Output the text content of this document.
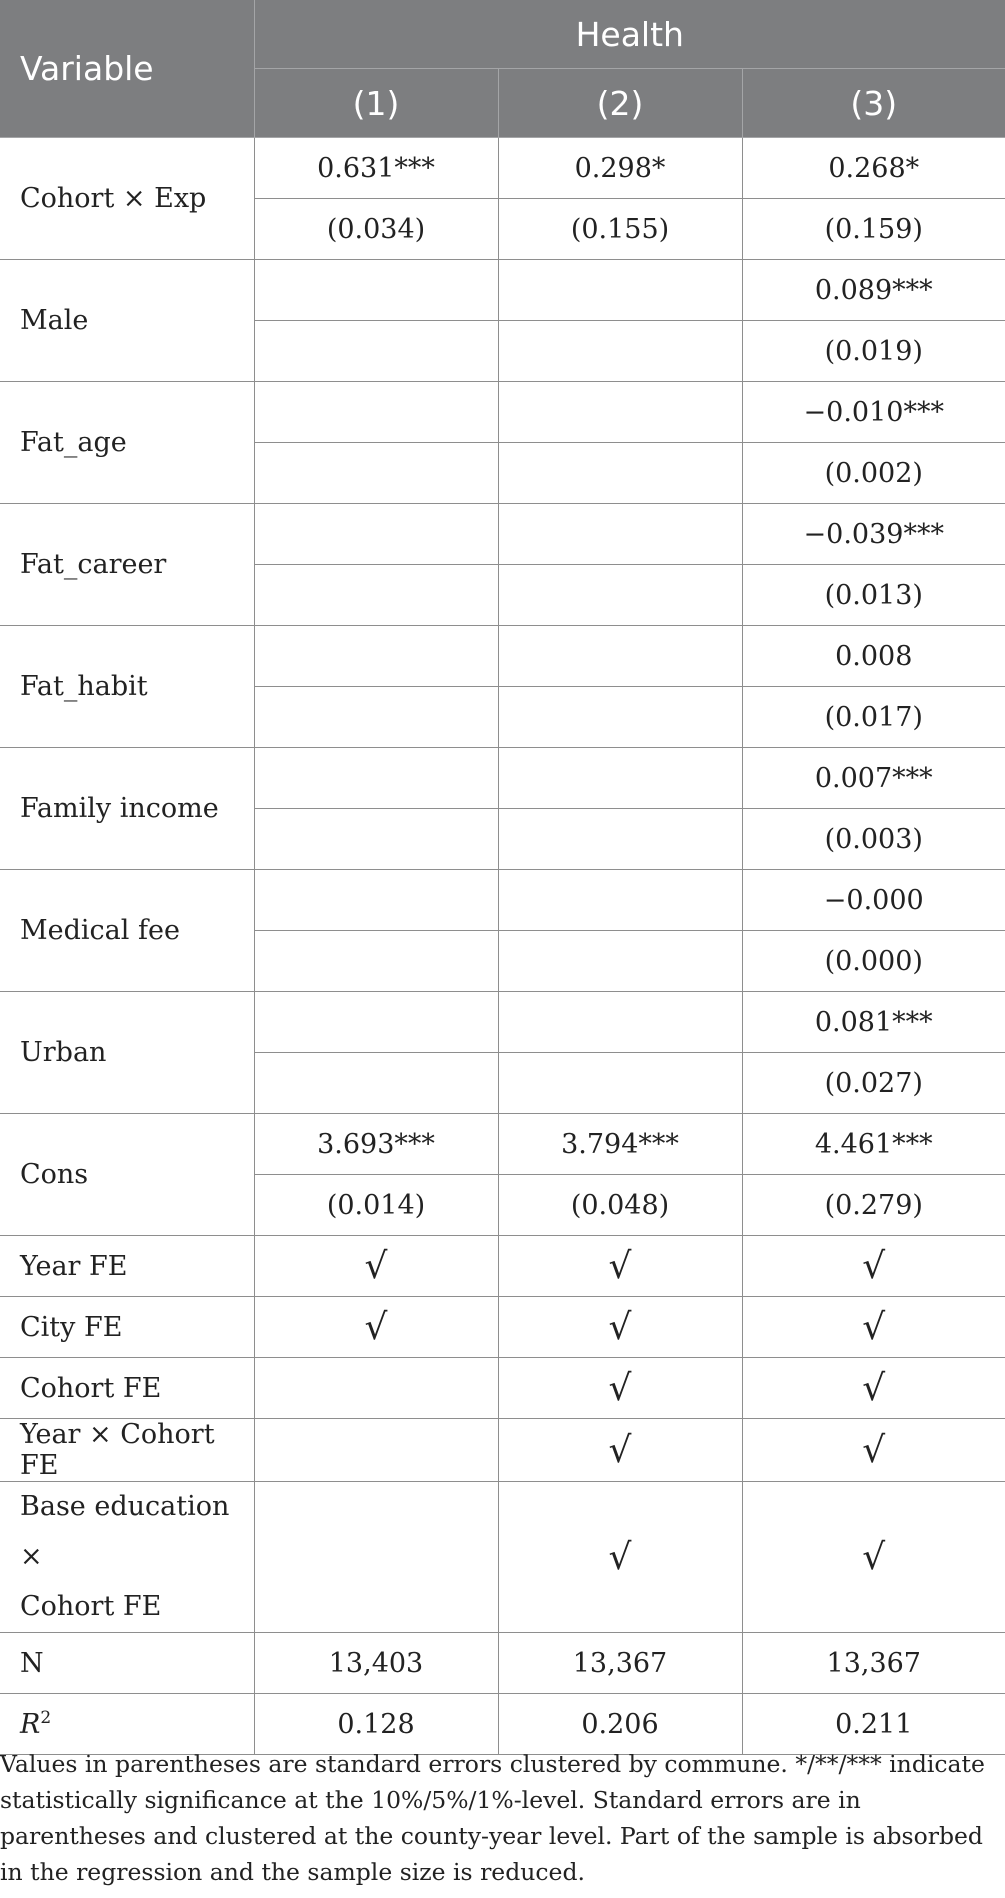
Variable	Health		
	(1)	(2)	(3)
Cohort × Exp	0.631***	0.298*	0.268*
	(0.034)	(0.155)	(0.159)
Male			0.089***
			(0.019)
Fat_age			−0.010***
			(0.002)
Fat_career			−0.039***
			(0.013)
Fat_habit			0.008
			(0.017)
Family income			0.007***
			(0.003)
Medical fee			−0.000
			(0.000)
Urban			0.081***
			(0.027)
Cons	3.693***	3.794***	4.461***
	(0.014)	(0.048)	(0.279)
Year FE	√	√	√
City FE	√	√	√
Cohort FE		√	√
Year × Cohort FE		√	√
Base education ×
Cohort FE		√	√
N	13,403	13,367	13,367
$R^2$	0.128	0.206	0.211
Values in parentheses are standard errors clustered by commune. */**/*** indicate statistically significance at the 10%/5%/1%-level. Standard errors are in parentheses and clustered at the county-year level. Part of the sample is absorbed in the regression and the sample size is reduced.
